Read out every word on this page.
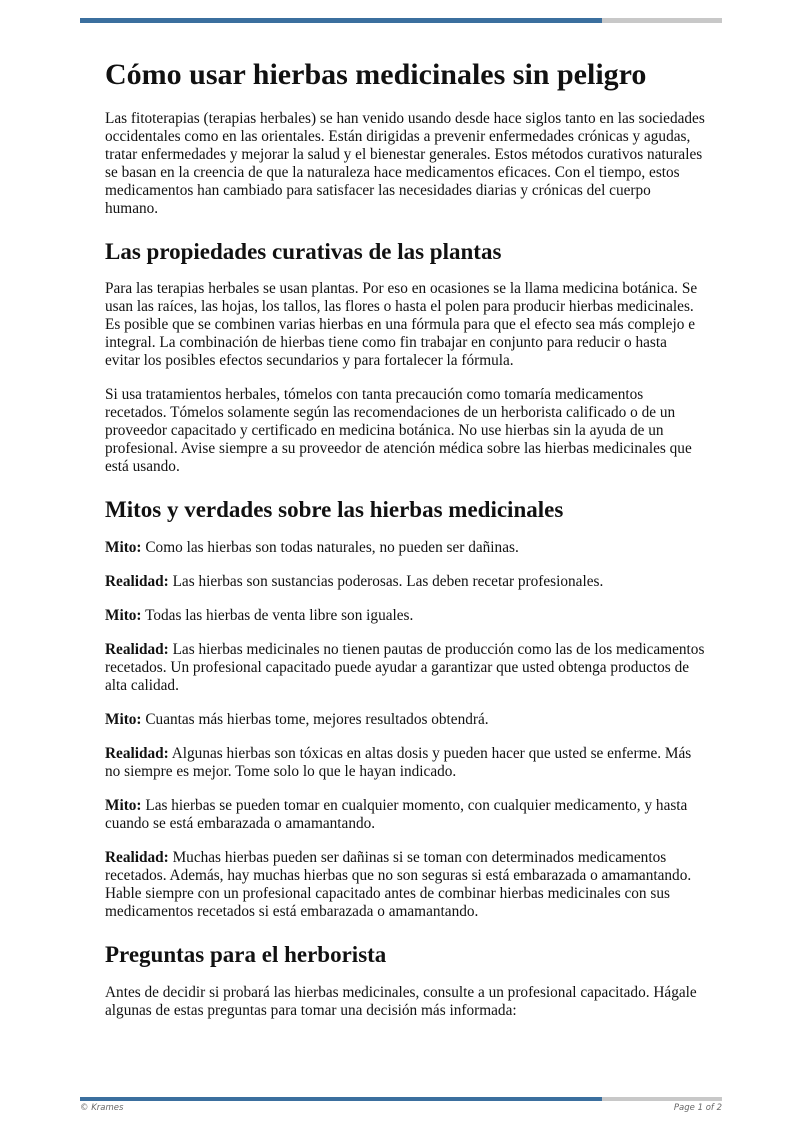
Cómo usar hierbas medicinales sin peligro

Las fitoterapias (terapias herbales) se han venido usando desde hace siglos tanto en las sociedades occidentales como en las orientales. Están dirigidas a prevenir enfermedades crónicas y agudas, tratar enfermedades y mejorar la salud y el bienestar generales. Estos métodos curativos naturales se basan en la creencia de que la naturaleza hace medicamentos eficaces. Con el tiempo, estos medicamentos han cambiado para satisfacer las necesidades diarias y crónicas del cuerpo humano.

Las propiedades curativas de las plantas

Para las terapias herbales se usan plantas. Por eso en ocasiones se la llama medicina botánica. Se usan las raíces, las hojas, los tallos, las flores o hasta el polen para producir hierbas medicinales. Es posible que se combinen varias hierbas en una fórmula para que el efecto sea más complejo e integral. La combinación de hierbas tiene como fin trabajar en conjunto para reducir o hasta evitar los posibles efectos secundarios y para fortalecer la fórmula.

Si usa tratamientos herbales, tómelos con tanta precaución como tomaría medicamentos recetados. Tómelos solamente según las recomendaciones de un herborista calificado o de un proveedor capacitado y certificado en medicina botánica. No use hierbas sin la ayuda de un profesional. Avise siempre a su proveedor de atención médica sobre las hierbas medicinales que está usando.

Mitos y verdades sobre las hierbas medicinales

Mito: Como las hierbas son todas naturales, no pueden ser dañinas.

Realidad: Las hierbas son sustancias poderosas. Las deben recetar profesionales.

Mito: Todas las hierbas de venta libre son iguales.

Realidad: Las hierbas medicinales no tienen pautas de producción como las de los medicamentos recetados. Un profesional capacitado puede ayudar a garantizar que usted obtenga productos de alta calidad.

Mito: Cuantas más hierbas tome, mejores resultados obtendrá.

Realidad: Algunas hierbas son tóxicas en altas dosis y pueden hacer que usted se enferme. Más no siempre es mejor. Tome solo lo que le hayan indicado.

Mito: Las hierbas se pueden tomar en cualquier momento, con cualquier medicamento, y hasta cuando se está embarazada o amamantando.

Realidad: Muchas hierbas pueden ser dañinas si se toman con determinados medicamentos recetados. Además, hay muchas hierbas que no son seguras si está embarazada o amamantando. Hable siempre con un profesional capacitado antes de combinar hierbas medicinales con sus medicamentos recetados si está embarazada o amamantando.

Preguntas para el herborista

Antes de decidir si probará las hierbas medicinales, consulte a un profesional capacitado. Hágale algunas de estas preguntas para tomar una decisión más informada:

© Krames	Page 1 of 2
